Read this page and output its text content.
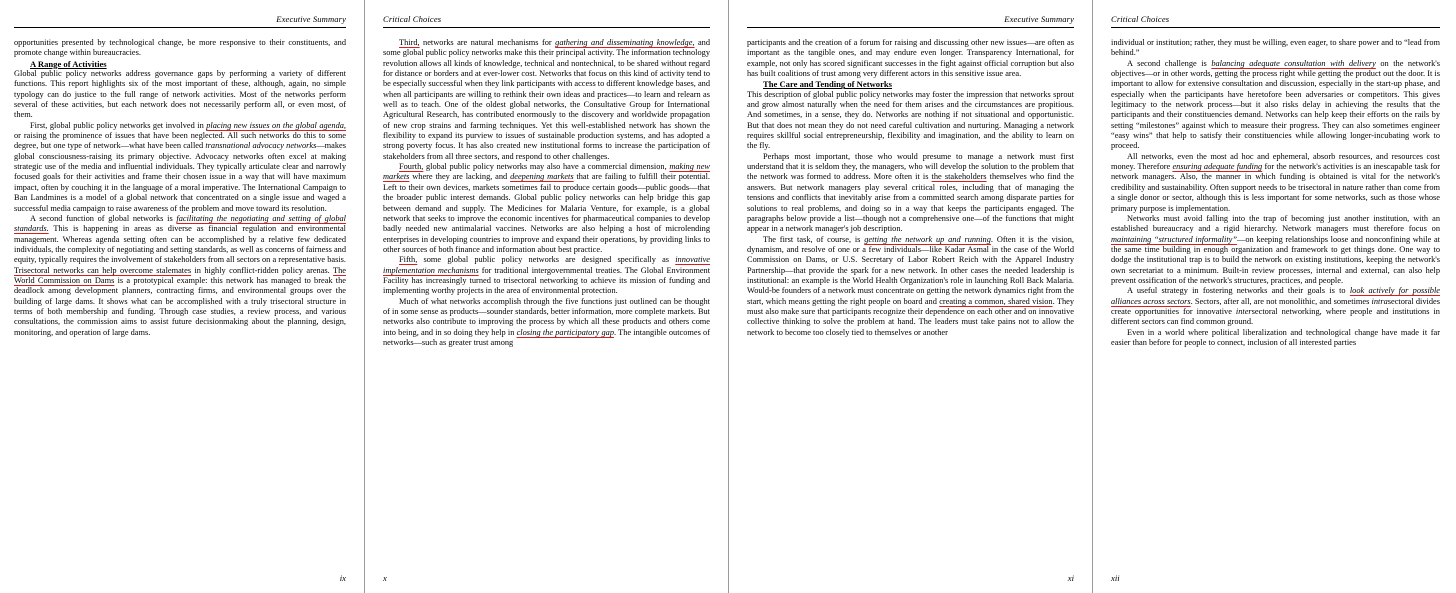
Executive Summary

opportunities presented by technological change, be more responsive to their constituents, and promote change within bureaucracies.

A Range of Activities

Global public policy networks address governance gaps by performing a variety of different functions. This report highlights six of the most important of these, although, again, no simple typology can do justice to the full range of network activities. Most of the networks perform several of these activities, but each network does not necessarily perform all, or even most, of them.

First, global public policy networks get involved in placing new issues on the global agenda, or raising the prominence of issues that have been neglected. All such networks do this to some degree, but one type of network—what have been called transnational advocacy networks—makes global consciousness-raising its primary objective. Advocacy networks often excel at making strategic use of the media and influential individuals. They typically articulate clear and narrowly focused goals for their activities and frame their chosen issue in a way that will have maximum impact, often by couching it in the language of a moral imperative. The International Campaign to Ban Landmines is a model of a global network that concentrated on a single issue and waged a successful media campaign to raise awareness of the problem and move toward its resolution.

A second function of global networks is facilitating the negotiating and setting of global standards. This is happening in areas as diverse as financial regulation and environmental management. Whereas agenda setting often can be accomplished by a relative few dedicated individuals, the complexity of negotiating and setting standards, as well as concerns of fairness and equity, typically requires the involvement of stakeholders from all sectors on a representative basis. Trisectoral networks can help overcome stalemates in highly conflict-ridden policy arenas. The World Commission on Dams is a prototypical example: this network has managed to break the deadlock among development planners, contracting firms, and environmental groups over the building of large dams. It shows what can be accomplished with a truly trisectoral structure in terms of both membership and funding. Through case studies, a review process, and various consultations, the commission aims to assist future decisionmaking about the planning, design, monitoring, and operation of large dams.

ix
Critical Choices

Third, networks are natural mechanisms for gathering and disseminating knowledge, and some global public policy networks make this their principal activity. The information technology revolution allows all kinds of knowledge, technical and nontechnical, to be shared without regard for distance or borders and at ever-lower cost. Networks that focus on this kind of activity tend to be especially successful when they link participants with access to different knowledge bases, and when all participants are willing to rethink their own ideas and practices—to learn and relearn as well as to teach. One of the oldest global networks, the Consultative Group for International Agricultural Research, has contributed enormously to the discovery and worldwide propagation of new crop strains and farming techniques. Yet this well-established network has shown the flexibility to expand its purview to issues of sustainable production systems, and has adopted a strong poverty focus. It has also created new institutional forms to increase the participation of stakeholders from all three sectors, and respond to other challenges.

Fourth, global public policy networks may also have a commercial dimension, making new markets where they are lacking, and deepening markets that are failing to fulfill their potential. Left to their own devices, markets sometimes fail to produce certain goods—public goods—that the broader public interest demands. Global public policy networks can help bridge this gap between demand and supply. The Medicines for Malaria Venture, for example, is a global network that seeks to improve the economic incentives for pharmaceutical companies to develop badly needed new antimalarial vaccines. Networks are also helping a host of microlending enterprises in developing countries to improve and expand their operations, by providing links to other sources of both finance and information about best practice.

Fifth, some global public policy networks are designed specifically as innovative implementation mechanisms for traditional intergovernmental treaties. The Global Environment Facility has increasingly turned to trisectoral networking to achieve its mission of funding and implementing worthy projects in the area of environmental protection.

Much of what networks accomplish through the five functions just outlined can be thought of in some sense as products—sounder standards, better information, more complete markets. But networks also contribute to improving the process by which all these products and others come into being, and in so doing they help in closing the participatory gap. The intangible outcomes of networks—such as greater trust among

x
Executive Summary

participants and the creation of a forum for raising and discussing other new issues—are often as important as the tangible ones, and may endure even longer. Transparency International, for example, not only has scored significant successes in the fight against official corruption but also has built coalitions of trust among very different actors in this sensitive issue area.

The Care and Tending of Networks

This description of global public policy networks may foster the impression that networks sprout and grow almost naturally when the need for them arises and the circumstances are propitious. And sometimes, in a sense, they do. Networks are nothing if not situational and opportunistic. But that does not mean they do not need careful cultivation and nurturing. Managing a network requires skillful social entrepreneurship, flexibility and imagination, and the ability to learn on the fly.

Perhaps most important, those who would presume to manage a network must first understand that it is seldom they, the managers, who will develop the solution to the problem that the network was formed to address. More often it is the stakeholders themselves who find the answers. But network managers play several critical roles, including that of managing the tensions and conflicts that inevitably arise from a committed search among disparate parties for solutions to real problems, and doing so in a way that keeps the participants engaged. The paragraphs below provide a list—though not a comprehensive one—of the functions that might appear in a network manager's job description.

The first task, of course, is getting the network up and running. Often it is the vision, dynamism, and resolve of one or a few individuals—like Kadar Asmal in the case of the World Commission on Dams, or U.S. Secretary of Labor Robert Reich with the Apparel Industry Partnership—that provide the spark for a new network. In other cases the needed leadership is institutional: an example is the World Health Organization's role in launching Roll Back Malaria. Would-be founders of a network must concentrate on getting the network dynamics right from the start, which means getting the right people on board and creating a common, shared vision. They must also make sure that participants recognize their dependence on each other and on innovative collective thinking to solve the problem at hand. The leaders must take pains not to allow the network to become too closely tied to themselves or another

xi
Critical Choices

individual or institution; rather, they must be willing, even eager, to share power and to “lead from behind.”

A second challenge is balancing adequate consultation with delivery on the network's objectives—or in other words, getting the process right while getting the product out the door. It is important to allow for extensive consultation and discussion, especially in the start-up phase, and especially when the participants have heretofore been adversaries or competitors. This gives legitimacy to the network process—but it also risks delay in achieving the results that the participants and their constituencies demand. Networks can help keep their efforts on the rails by setting “milestones” against which to measure their progress. They can also sometimes engineer “easy wins” that help to satisfy their constituencies while allowing longer-incubating work to proceed.

All networks, even the most ad hoc and ephemeral, absorb resources, and resources cost money. Therefore ensuring adequate funding for the network's activities is an inescapable task for network managers. Also, the manner in which funding is obtained is vital for the network's credibility and sustainability. Often support needs to be trisectoral in nature rather than come from a single donor or sector, although this is less important for some networks, such as those whose primary purpose is implementation.

Networks must avoid falling into the trap of becoming just another institution, with an established bureaucracy and a rigid hierarchy. Network managers must therefore focus on maintaining “structured informality”—on keeping relationships loose and nonconfining while at the same time building in enough organization and framework to get things done. One way to dodge the institutional trap is to build the network on existing institutions, keeping the network's own secretariat to a minimum. Built-in review processes, internal and external, can also help prevent ossification of the network's structures, practices, and people.

A useful strategy in fostering networks and their goals is to look actively for possible alliances across sectors. Sectors, after all, are not monolithic, and sometimes intrasectoral divides create opportunities for innovative intersectoral networking, where people and institutions in different sectors can find common ground.

Even in a world where political liberalization and technological change have made it far easier than before for people to connect, inclusion of all interested parties

xii
